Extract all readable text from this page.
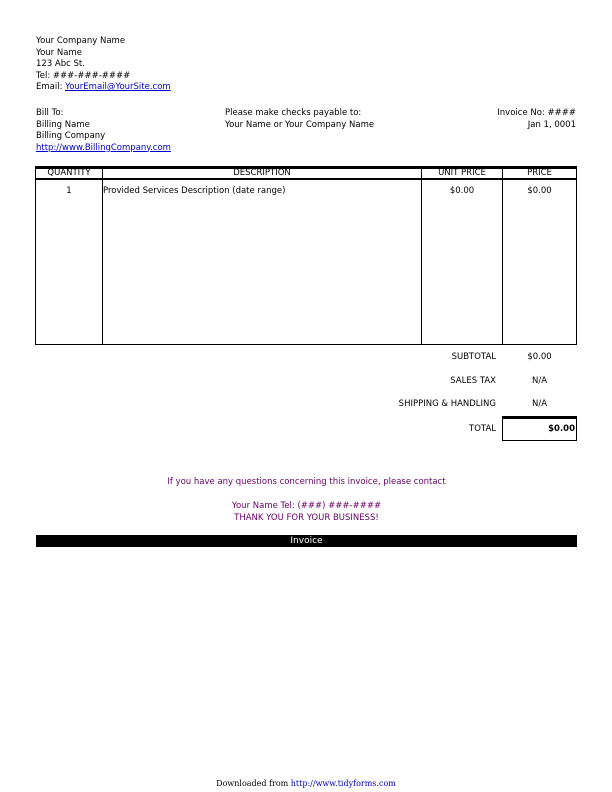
Your Company Name
Your Name
123 Abc St.
Tel: ###-###-####
Email: YourEmail@YourSite.com
Bill To:
Billing Name
Billing Company
http://www.BillingCompany.com
Please make checks payable to:
Your Name or Your Company Name
Invoice No: ####
Jan 1, 0001
QUANTITY	DESCRIPTION	UNIT PRICE	PRICE
1	Provided Services Description (date range)	$0.00	$0.00
SUBTOTAL	$0.00
SALES TAX	N/A
SHIPPING & HANDLING	N/A
TOTAL	$0.00
If you have any questions concerning this invoice, please contact
Your Name Tel: (###) ###-####
THANK YOU FOR YOUR BUSINESS!
Invoice
Downloaded from http://www.tidyforms.com
